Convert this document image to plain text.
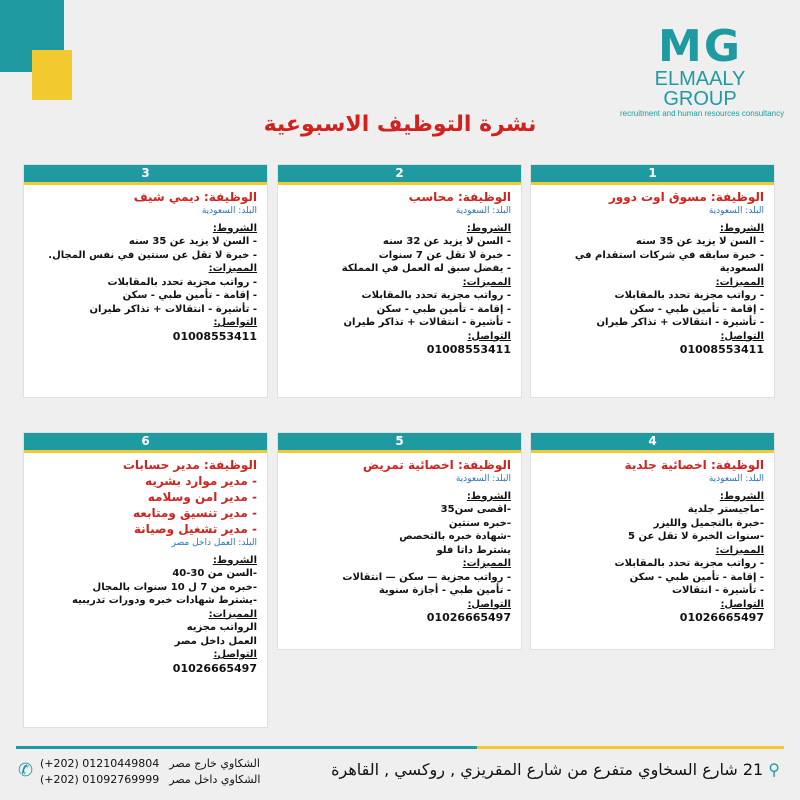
MG
ELMAALY GROUP
recruitment and human resources consultancy
نشرة التوظيف الاسبوعية
1
الوظيفة: مسوق اوت دوور
البلد: السعودية
الشروط:
- السن لا يزيد عن 35 سنه
- خبرة سابقه في شركات استقدام في
السعودية
المميزات:
- رواتب مجزية تحدد بالمقابلات
- إقامة - تأمين طبي - سكن
- تأشيرة - انتقالات + تذاكر طيران
التواصل:
01008553411
2
الوظيفة: محاسب
البلد: السعودية
الشروط:
- السن لا يزيد عن 32 سنه
- خبرة لا تقل عن 7 سنوات
- يفضل سبق له العمل في المملكة
المميزات:
- رواتب مجزية تحدد بالمقابلات
- إقامة - تأمين طبي - سكن
- تأشيرة - انتقالات + تذاكر طيران
التواصل:
01008553411
3
الوظيفة: ديمي شيف
البلد: السعودية
الشروط:
- السن لا يزيد عن 35 سنه
- خبرة لا تقل عن سنتين في نفس المجال.
المميزات:
- رواتب مجزية تحدد بالمقابلات
- إقامة - تأمين طبي - سكن
- تأشيرة - انتقالات + تذاكر طيران
التواصل:
01008553411
4
الوظيفة: اخصائية جلدية
البلد: السعودية
الشروط:
-ماجيستر جلدية
-خبرة بالتجميل والليزر
-سنوات الخبرة لا تقل عن 5
المميزات:
- رواتب مجزية تحدد بالمقابلات
- إقامة - تأمين طبي - سكن
- تأشيرة - انتقالات
التواصل:
01026665497
5
الوظيفة: اخصائية تمريض
البلد: السعودية
الشروط:
-اقصى سن35
-خبره سنتين
-شهادة خبره بالتخصص
يشترط داتا فلو
المميزات:
- رواتب مجزية — سكن — انتقالات
- تأمين طبي - أجازة سنوية
التواصل:
01026665497
6
الوظيفة: مدير حسابات
- مدير موارد بشريه
- مدير امن وسلامه
- مدير تنسيق ومتابعه
- مدير تشغيل وصيانة
البلد: العمل داخل مصر
الشروط:
-السن من 30-40
-خبره من 7 ل 10 سنوات بالمجال
-يشترط شهادات خبره ودورات تدريبيه
المميزات:
الرواتب مجزيه
العمل داخل مصر
التواصل:
01026665497
⚲ 21 شارع السخاوي متفرع من شارع المقريزي , روكسي , القاهرة
✆ (+202) 01210449804 الشكاوي خارج مصر
(+202) 01092769999 الشكاوي داخل مصر
